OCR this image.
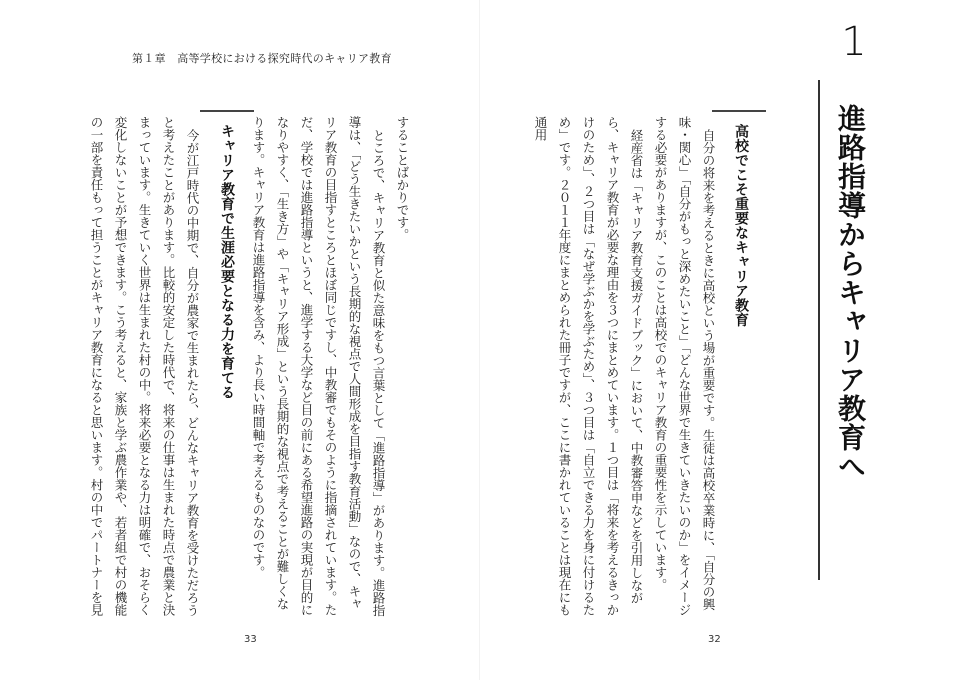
第１章　高等学校における探究時代のキャリア教育

することばかりです。

ところで、キャリア教育と似た意味をもつ言葉として「進路指導」があります。進路指導は、「どう生きたいかという長期的な視点で人間形成を目指す教育活動」なので、キャリア教育の目指すところとほぼ同じですし、中教審でもそのように指摘されています。ただ、学校では進路指導というと、進学する大学など目の前にある希望進路の実現が目的になりやすく、「生き方」や「キャリア形成」という長期的な視点で考えることが難しくなります。キャリア教育は進路指導を含み、より長い時間軸で考えるものなのです。

キャリア教育で生涯必要となる力を育てる

今が江戸時代の中期で、自分が農家で生まれたら、どんなキャリア教育を受けただろうと考えたことがあります。比較的安定した時代で、将来の仕事は生まれた時点で農業と決まっています。生きていく世界は生まれた村の中。将来必要となる力は明確で、おそらく変化しないことが予想できます。こう考えると、家族と学ぶ農作業や、若者組で村の機能の一部を責任もって担うことがキャリア教育になると思います。村の中でパートナーを見

33
1
進路指導からキャリア教育へ
高校でこそ重要なキャリア教育

自分の将来を考えるときに高校という場が重要です。生徒は高校卒業時に、「自分の興味・関心」「自分がもっと深めたいこと」「どんな世界で生きていきたいのか」をイメージする必要がありますが、このことは高校でのキャリア教育の重要性を示しています。

経産省は「キャリア教育支援ガイドブック」において、中教審答申などを引用しながら、キャリア教育が必要な理由を３つにまとめています。１つ目は「将来を考えるきっかけのため」、２つ目は「なぜ学ぶかを学ぶため」、３つ目は「自立できる力を身に付けるため」です。２０１１年度にまとめられた冊子ですが、ここに書かれていることは現在にも通用

32
